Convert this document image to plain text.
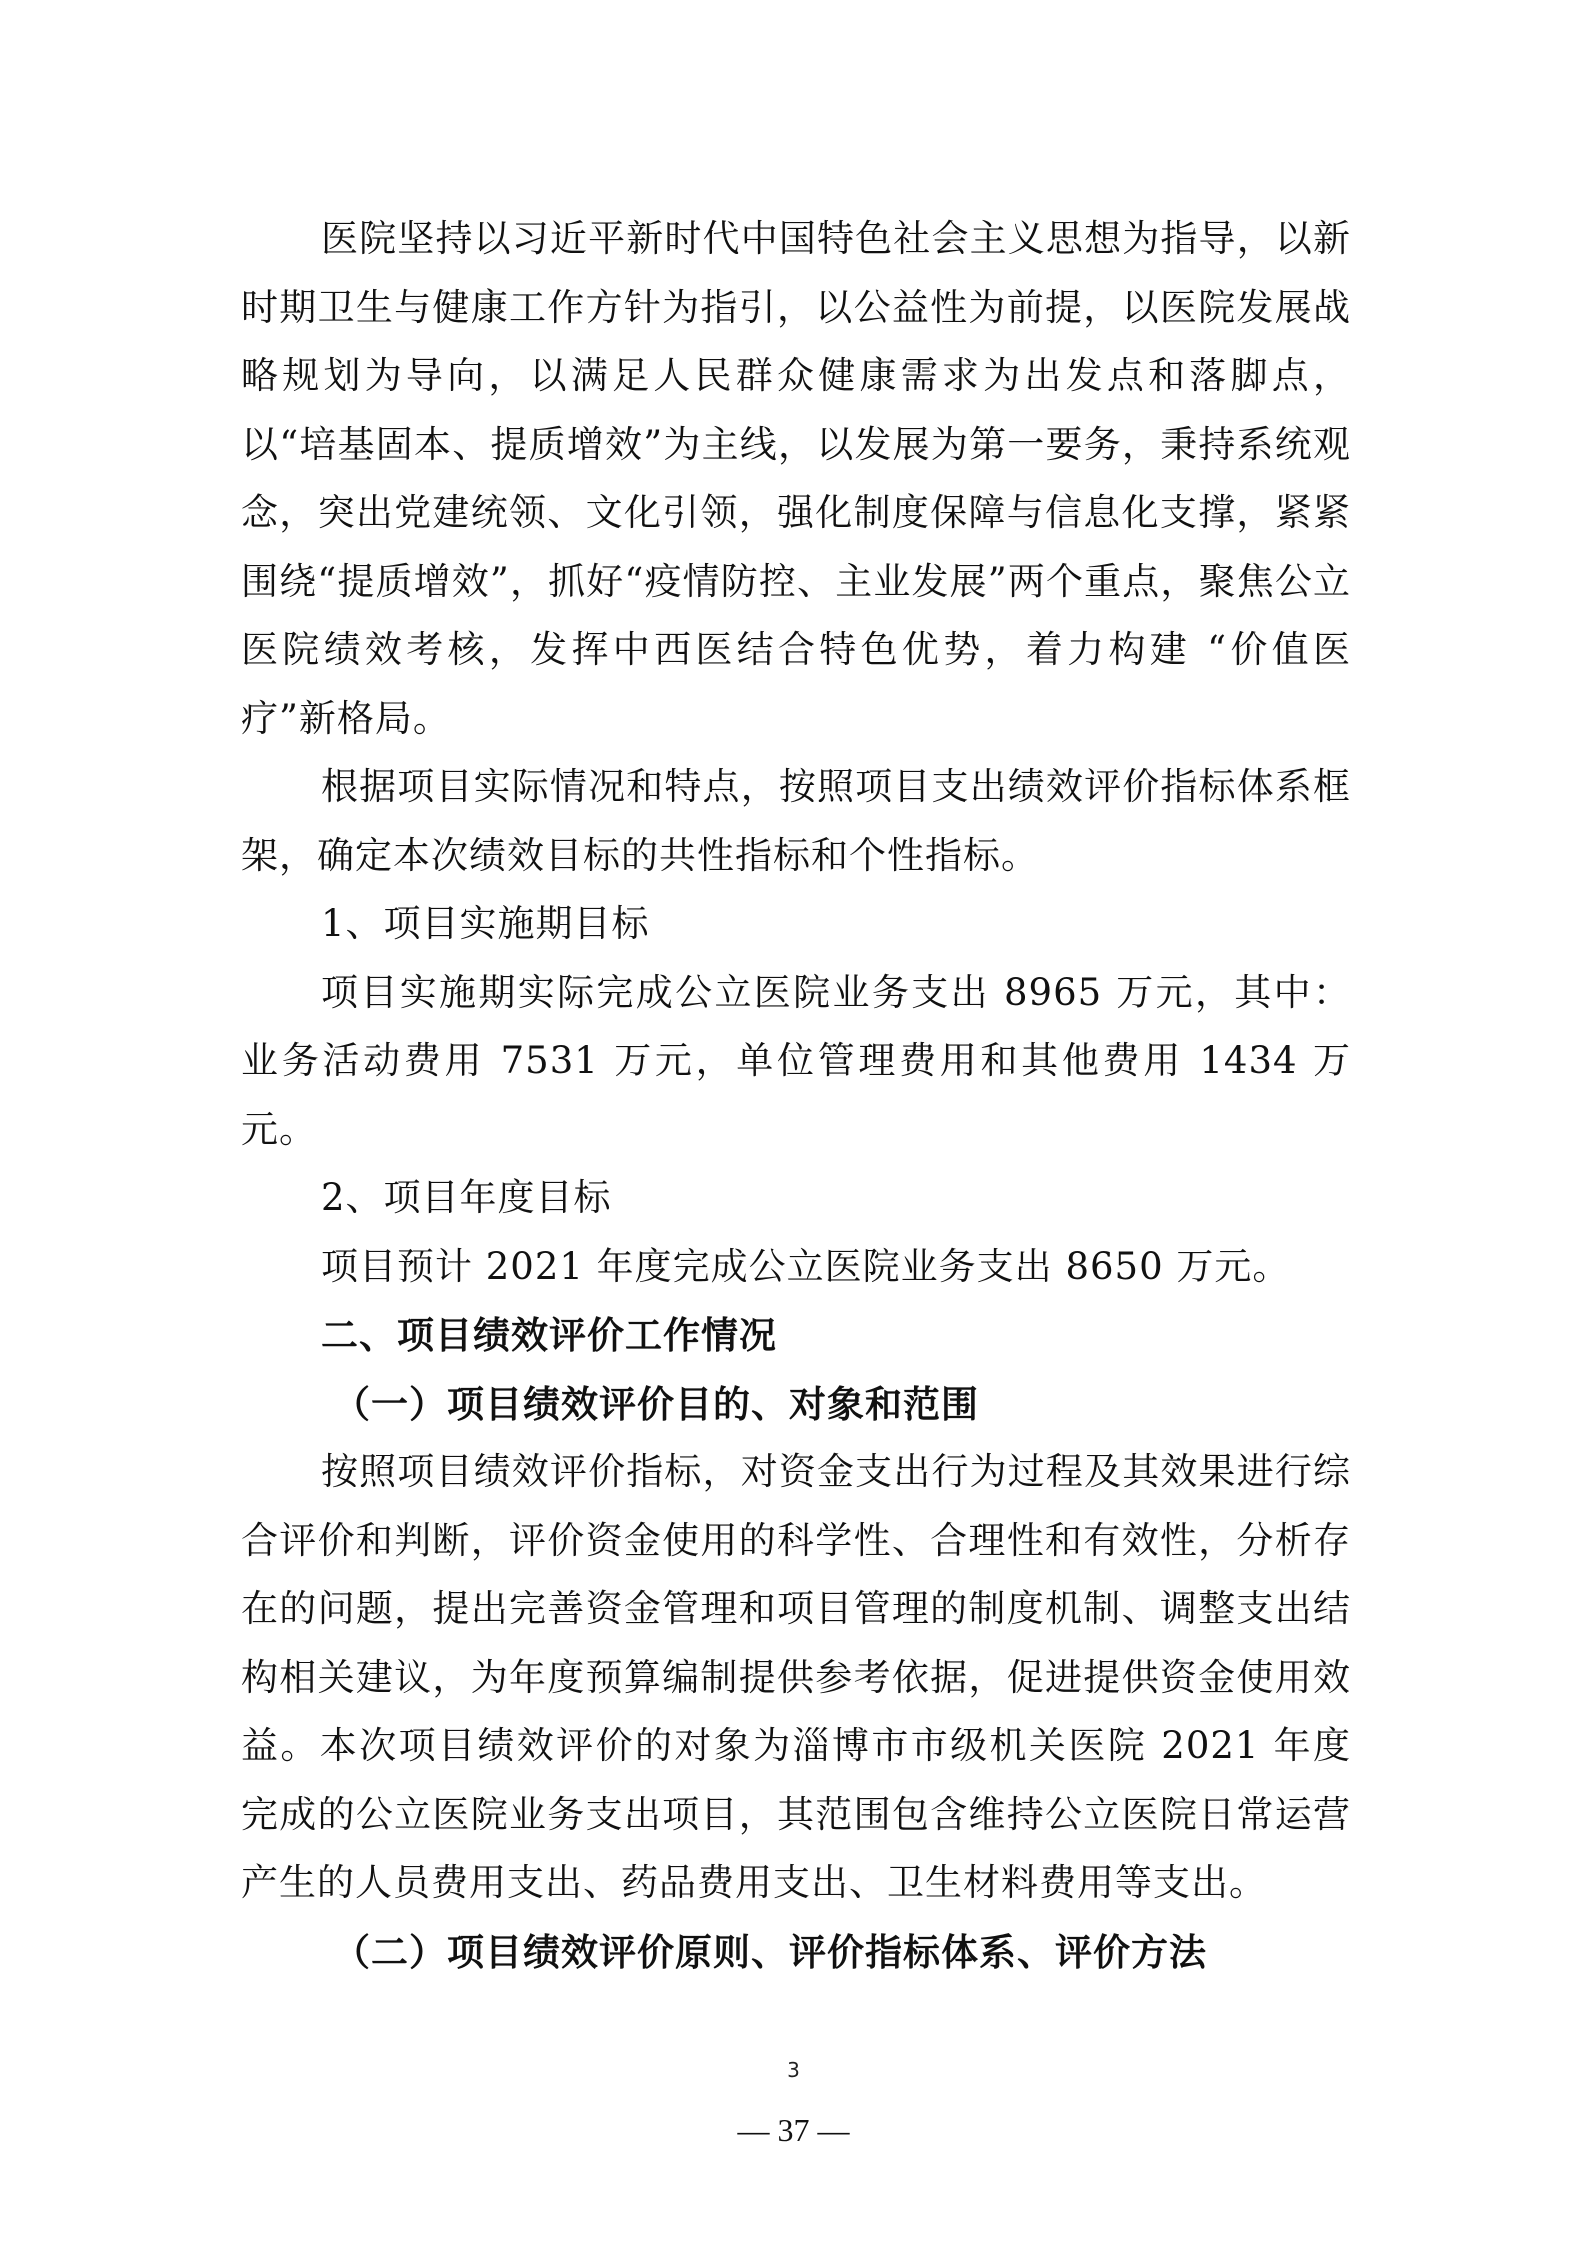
医院坚持以习近平新时代中国特色社会主义思想为指导，以新时期卫生与健康工作方针为指引，以公益性为前提，以医院发展战略规划为导向，以满足人民群众健康需求为出发点和落脚点，以“培基固本、提质增效”为主线，以发展为第一要务，秉持系统观念，突出党建统领、文化引领，强化制度保障与信息化支撑，紧紧围绕“提质增效”，抓好“疫情防控、主业发展”两个重点，聚焦公立医院绩效考核，发挥中西医结合特色优势，着力构建 “价值医疗”新格局。

根据项目实际情况和特点，按照项目支出绩效评价指标体系框架，确定本次绩效目标的共性指标和个性指标。

1、项目实施期目标

项目实施期实际完成公立医院业务支出 8965 万元，其中：业务活动费用 7531 万元，单位管理费用和其他费用 1434 万元。

2、项目年度目标

项目预计 2021 年度完成公立医院业务支出 8650 万元。

二、项目绩效评价工作情况

（一）项目绩效评价目的、对象和范围

按照项目绩效评价指标，对资金支出行为过程及其效果进行综合评价和判断，评价资金使用的科学性、合理性和有效性，分析存在的问题，提出完善资金管理和项目管理的制度机制、调整支出结构相关建议，为年度预算编制提供参考依据，促进提供资金使用效益。本次项目绩效评价的对象为淄博市市级机关医院 2021 年度完成的公立医院业务支出项目，其范围包含维持公立医院日常运营产生的人员费用支出、药品费用支出、卫生材料费用等支出。

（二）项目绩效评价原则、评价指标体系、评价方法

3
— 37 —
